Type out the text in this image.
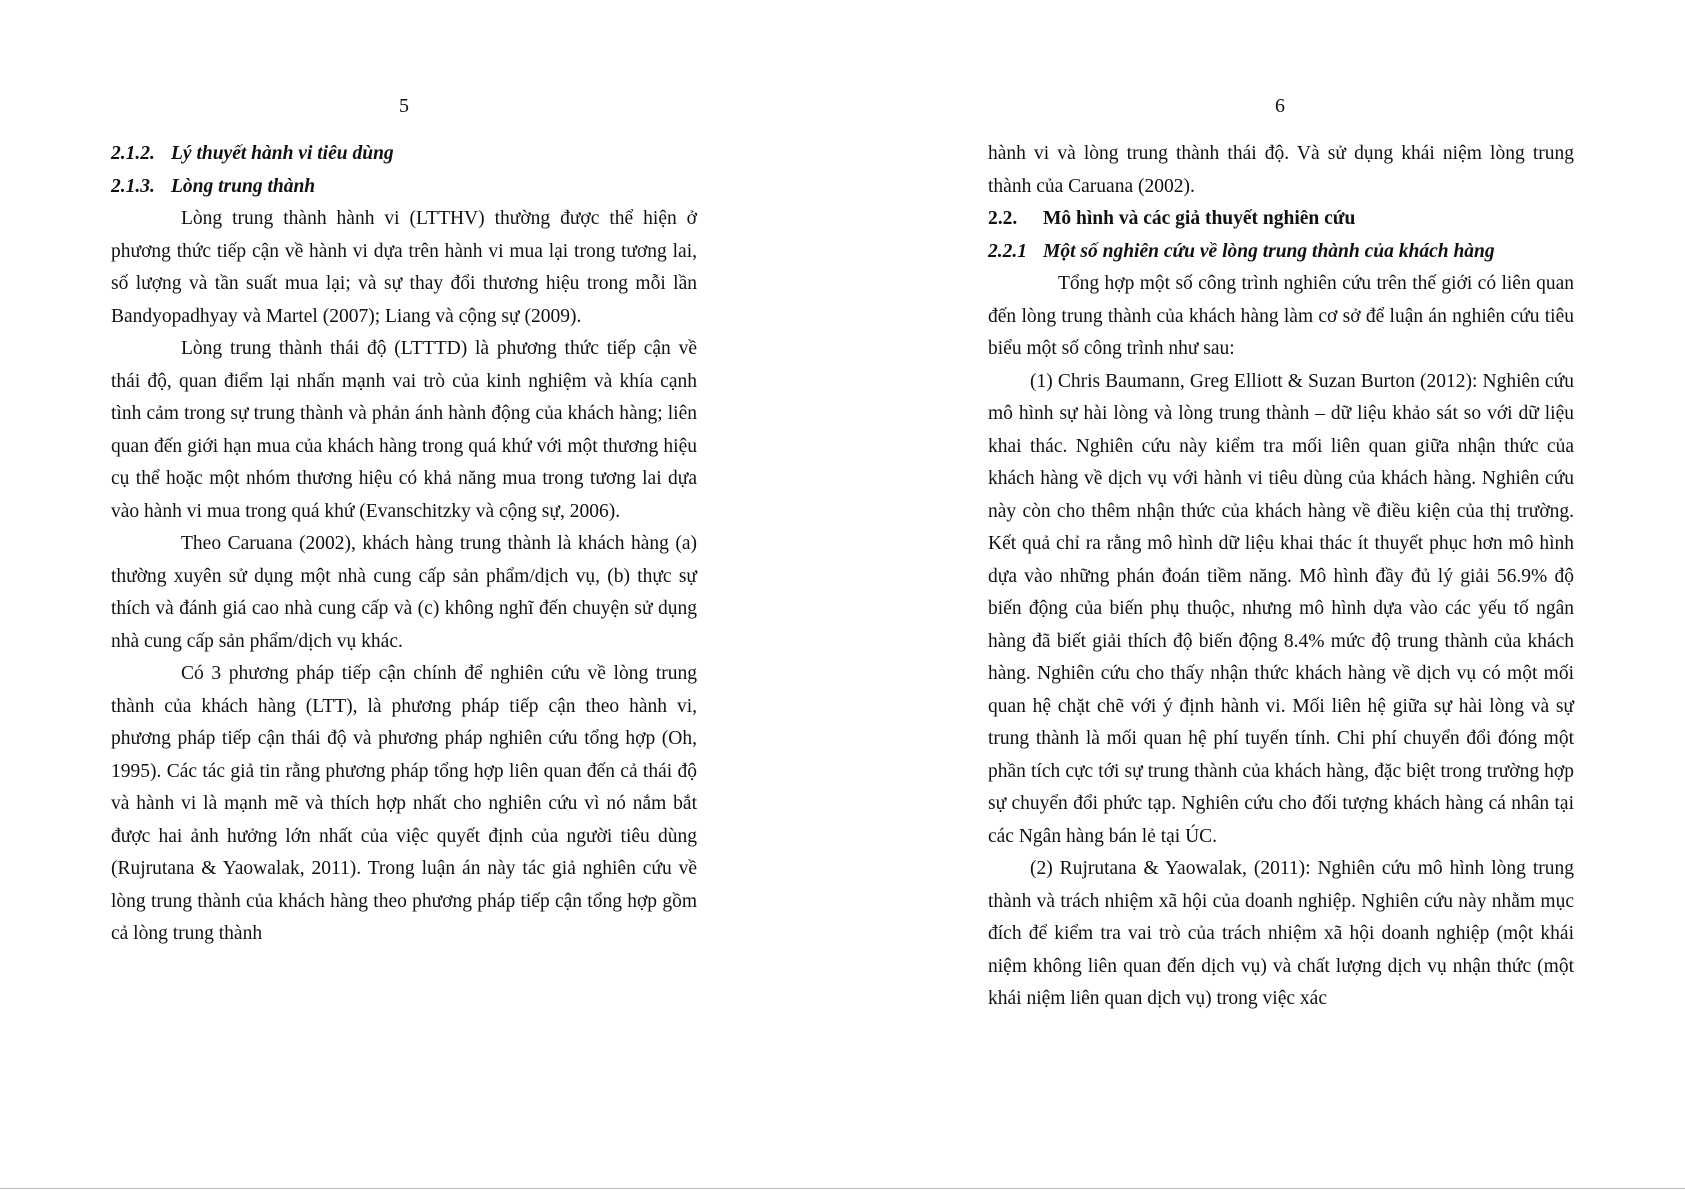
5	6

2.1.2. Lý thuyết hành vi tiêu dùng

2.1.3. Lòng trung thành

Lòng trung thành hành vi (LTTHV) thường được thể hiện ở phương thức tiếp cận về hành vi dựa trên hành vi mua lại trong tương lai, số lượng và tần suất mua lại; và sự thay đổi thương hiệu trong mỗi lần Bandyopadhyay và Martel (2007); Liang và cộng sự (2009).

Lòng trung thành thái độ (LTTTD) là phương thức tiếp cận về thái độ, quan điểm lại nhấn mạnh vai trò của kinh nghiệm và khía cạnh tình cảm trong sự trung thành và phản ánh hành động của khách hàng; liên quan đến giới hạn mua của khách hàng trong quá khứ với một thương hiệu cụ thể hoặc một nhóm thương hiệu có khả năng mua trong tương lai dựa vào hành vi mua trong quá khứ (Evanschitzky và cộng sự, 2006).

Theo Caruana (2002), khách hàng trung thành là khách hàng (a) thường xuyên sử dụng một nhà cung cấp sản phẩm/dịch vụ, (b) thực sự thích và đánh giá cao nhà cung cấp và (c) không nghĩ đến chuyện sử dụng nhà cung cấp sản phẩm/dịch vụ khác.

Có 3 phương pháp tiếp cận chính để nghiên cứu về lòng trung thành của khách hàng (LTT), là phương pháp tiếp cận theo hành vi, phương pháp tiếp cận thái độ và phương pháp nghiên cứu tổng hợp (Oh, 1995). Các tác giả tin rằng phương pháp tổng hợp liên quan đến cả thái độ và hành vi là mạnh mẽ và thích hợp nhất cho nghiên cứu vì nó nắm bắt được hai ảnh hưởng lớn nhất của việc quyết định của người tiêu dùng (Rujrutana & Yaowalak, 2011). Trong luận án này tác giả nghiên cứu về lòng trung thành của khách hàng theo phương pháp tiếp cận tổng hợp gồm cả lòng trung thành

hành vi và lòng trung thành thái độ. Và sử dụng khái niệm lòng trung thành của Caruana (2002).

2.2. Mô hình và các giả thuyết nghiên cứu

2.2.1 Một số nghiên cứu về lòng trung thành của khách hàng

Tổng hợp một số công trình nghiên cứu trên thế giới có liên quan đến lòng trung thành của khách hàng làm cơ sở để luận án nghiên cứu tiêu biểu một số công trình như sau:

(1) Chris Baumann, Greg Elliott & Suzan Burton (2012): Nghiên cứu mô hình sự hài lòng và lòng trung thành – dữ liệu khảo sát so với dữ liệu khai thác. Nghiên cứu này kiểm tra mối liên quan giữa nhận thức của khách hàng về dịch vụ với hành vi tiêu dùng của khách hàng. Nghiên cứu này còn cho thêm nhận thức của khách hàng về điều kiện của thị trường. Kết quả chỉ ra rằng mô hình dữ liệu khai thác ít thuyết phục hơn mô hình dựa vào những phán đoán tiềm năng. Mô hình đầy đủ lý giải 56.9% độ biến động của biến phụ thuộc, nhưng mô hình dựa vào các yếu tố ngân hàng đã biết giải thích độ biến động 8.4% mức độ trung thành của khách hàng. Nghiên cứu cho thấy nhận thức khách hàng về dịch vụ có một mối quan hệ chặt chẽ với ý định hành vi. Mối liên hệ giữa sự hài lòng và sự trung thành là mối quan hệ phí tuyến tính. Chi phí chuyển đổi đóng một phần tích cực tới sự trung thành của khách hàng, đặc biệt trong trường hợp sự chuyển đổi phức tạp. Nghiên cứu cho đối tượng khách hàng cá nhân tại các Ngân hàng bán lẻ tại ÚC.

(2) Rujrutana & Yaowalak, (2011): Nghiên cứu mô hình lòng trung thành và trách nhiệm xã hội của doanh nghiệp. Nghiên cứu này nhằm mục đích để kiểm tra vai trò của trách nhiệm xã hội doanh nghiệp (một khái niệm không liên quan đến dịch vụ) và chất lượng dịch vụ nhận thức (một khái niệm liên quan dịch vụ) trong việc xác
